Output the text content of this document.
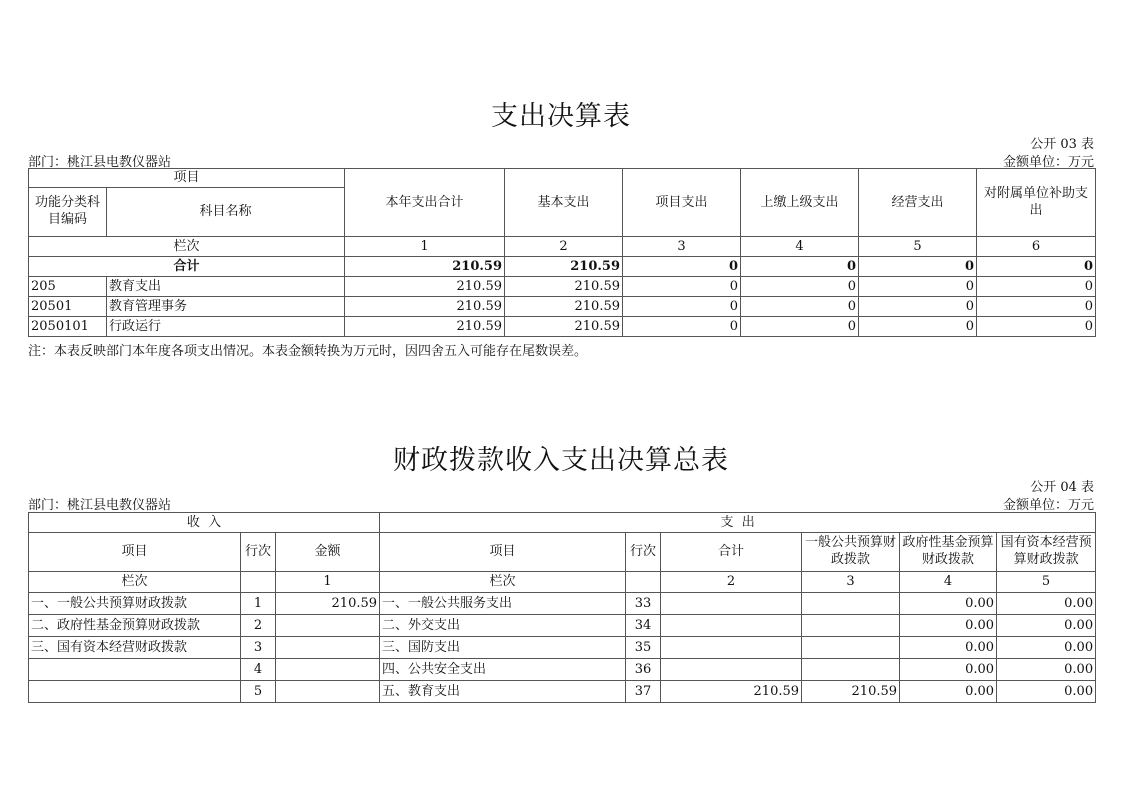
支出决算表
公开 03 表
部门：桃江县电教仪器站	金额单位：万元
项目		本年支出合计	基本支出	项目支出	上缴上级支出	经营支出	对附属单位补助支出
功能分类科目编码	科目名称						
栏次		1	2	3	4	5	6
合计		210.59	210.59	0	0	0	0
205	教育支出	210.59	210.59	0	0	0	0
20501	教育管理事务	210.59	210.59	0	0	0	0
2050101	行政运行	210.59	210.59	0	0	0	0
注：本表反映部门本年度各项支出情况。本表金额转换为万元时，因四舍五入可能存在尾数误差。
财政拨款收入支出决算总表
公开 04 表
部门：桃江县电教仪器站	金额单位：万元
收  入			支  出					
项目	行次	金额	项目	行次	合计	一般公共预算财政拨款	政府性基金预算财政拨款	国有资本经营预算财政拨款
栏次		1	栏次		2	3	4	5
一、一般公共预算财政拨款	1	210.59	一、一般公共服务支出	33			0.00	0.00
二、政府性基金预算财政拨款	2		二、外交支出	34			0.00	0.00
三、国有资本经营财政拨款	3		三、国防支出	35			0.00	0.00
	4		四、公共安全支出	36			0.00	0.00
	5		五、教育支出	37	210.59	210.59	0.00	0.00
